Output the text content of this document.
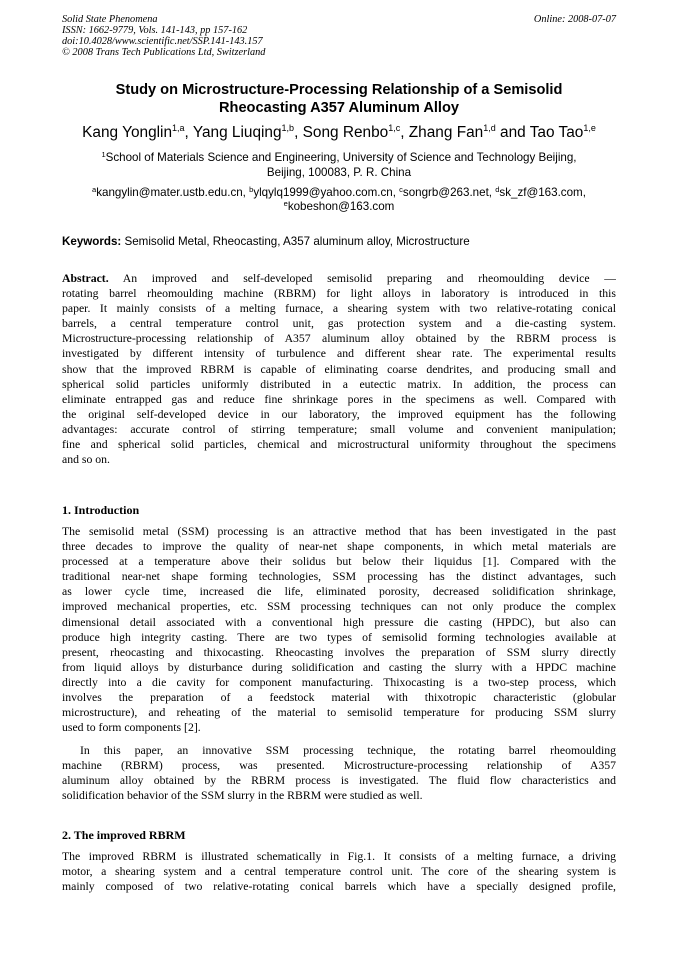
Solid State Phenomena
ISSN: 1662-9779, Vols. 141-143, pp 157-162
doi:10.4028/www.scientific.net/SSP.141-143.157
© 2008 Trans Tech Publications Ltd, Switzerland
Online: 2008-07-07
Study on Microstructure-Processing Relationship of a Semisolid
Rheocasting A357 Aluminum Alloy
Kang Yonglin$^{1,a}$, Yang Liuqing$^{1,b}$, Song Renbo$^{1,c}$, Zhang Fan$^{1,d}$ and Tao Tao$^{1,e}$
$^1$School of Materials Science and Engineering, University of Science and Technology Beijing,
Beijing, 100083, P. R. China
$^a$kangylin@mater.ustb.edu.cn, $^b$ylqylq1999@yahoo.com.cn, $^c$songrb@263.net, $^d$sk_zf@163.com,
$^e$kobeshon@163.com
Keywords: Semisolid Metal, Rheocasting, A357 aluminum alloy, Microstructure
Abstract. An improved and self-developed semisolid preparing and rheomoulding device —
rotating barrel rheomoulding machine (RBRM) for light alloys in laboratory is introduced in this
paper. It mainly consists of a melting furnace, a shearing system with two relative-rotating conical
barrels, a central temperature control unit, gas protection system and a die-casting system.
Microstructure-processing relationship of A357 aluminum alloy obtained by the RBRM process is
investigated by different intensity of turbulence and different shear rate. The experimental results
show that the improved RBRM is capable of eliminating coarse dendrites, and producing small and
spherical solid particles uniformly distributed in a eutectic matrix. In addition, the process can
eliminate entrapped gas and reduce fine shrinkage pores in the specimens as well. Compared with
the original self-developed device in our laboratory, the improved equipment has the following
advantages: accurate control of stirring temperature; small volume and convenient manipulation;
fine and spherical solid particles, chemical and microstructural uniformity throughout the specimens
and so on.
1. Introduction
The semisolid metal (SSM) processing is an attractive method that has been investigated in the past
three decades to improve the quality of near-net shape components, in which metal materials are
processed at a temperature above their solidus but below their liquidus [1]. Compared with the
traditional near-net shape forming technologies, SSM processing has the distinct advantages, such
as lower cycle time, increased die life, eliminated porosity, decreased solidification shrinkage,
improved mechanical properties, etc. SSM processing techniques can not only produce the complex
dimensional detail associated with a conventional high pressure die casting (HPDC), but also can
produce high integrity casting. There are two types of semisolid forming technologies available at
present, rheocasting and thixocasting. Rheocasting involves the preparation of SSM slurry directly
from liquid alloys by disturbance during solidification and casting the slurry with a HPDC machine
directly into a die cavity for component manufacturing. Thixocasting is a two-step process, which
involves the preparation of a feedstock material with thixotropic characteristic (globular
microstructure), and reheating of the material to semisolid temperature for producing SSM slurry
used to form components [2].
In this paper, an innovative SSM processing technique, the rotating barrel rheomoulding
machine (RBRM) process, was presented. Microstructure-processing relationship of A357
aluminum alloy obtained by the RBRM process is investigated. The fluid flow characteristics and
solidification behavior of the SSM slurry in the RBRM were studied as well.
2. The improved RBRM
The improved RBRM is illustrated schematically in Fig.1. It consists of a melting furnace, a driving
motor, a shearing system and a central temperature control unit. The core of the shearing system is
mainly composed of two relative-rotating conical barrels which have a specially designed profile,
